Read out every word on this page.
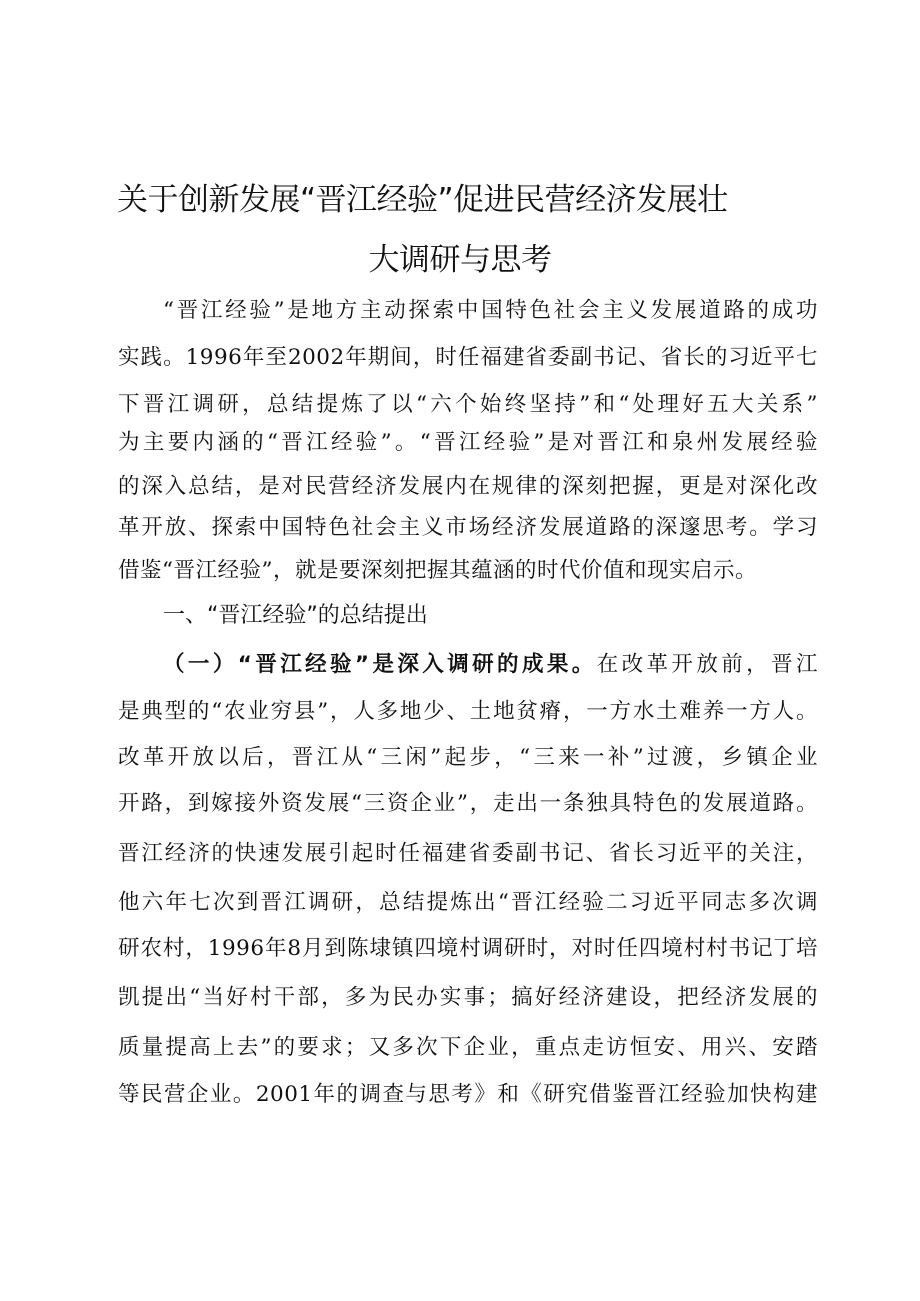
关于创新发展“晋江经验”促进民营经济发展壮
大调研与思考
“晋江经验”是地方主动探索中国特色社会主义发展道路的成功
实践。1996年至2002年期间，时任福建省委副书记、省长的习近平七
下晋江调研，总结提炼了以“六个始终坚持”和“处理好五大关系”
为主要内涵的“晋江经验”。“晋江经验”是对晋江和泉州发展经验
的深入总结，是对民营经济发展内在规律的深刻把握，更是对深化改
革开放、探索中国特色社会主义市场经济发展道路的深邃思考。学习
借鉴“晋江经验”，就是要深刻把握其蕴涵的时代价值和现实启示。
一、“晋江经验”的总结提出
（一）“晋江经验”是深入调研的成果。在改革开放前，晋江
是典型的“农业穷县”，人多地少、土地贫瘠，一方水土难养一方人。
改革开放以后，晋江从“三闲”起步，“三来一补”过渡，乡镇企业
开路，到嫁接外资发展“三资企业”，走出一条独具特色的发展道路。
晋江经济的快速发展引起时任福建省委副书记、省长习近平的关注，
他六年七次到晋江调研，总结提炼出“晋江经验二习近平同志多次调
研农村，1996年8月到陈埭镇四境村调研时，对时任四境村村书记丁培
凯提出“当好村干部，多为民办实事；搞好经济建设，把经济发展的
质量提高上去”的要求；又多次下企业，重点走访恒安、用兴、安踏
等民营企业。2001年的调查与思考》和《研究借鉴晋江经验加快构建
